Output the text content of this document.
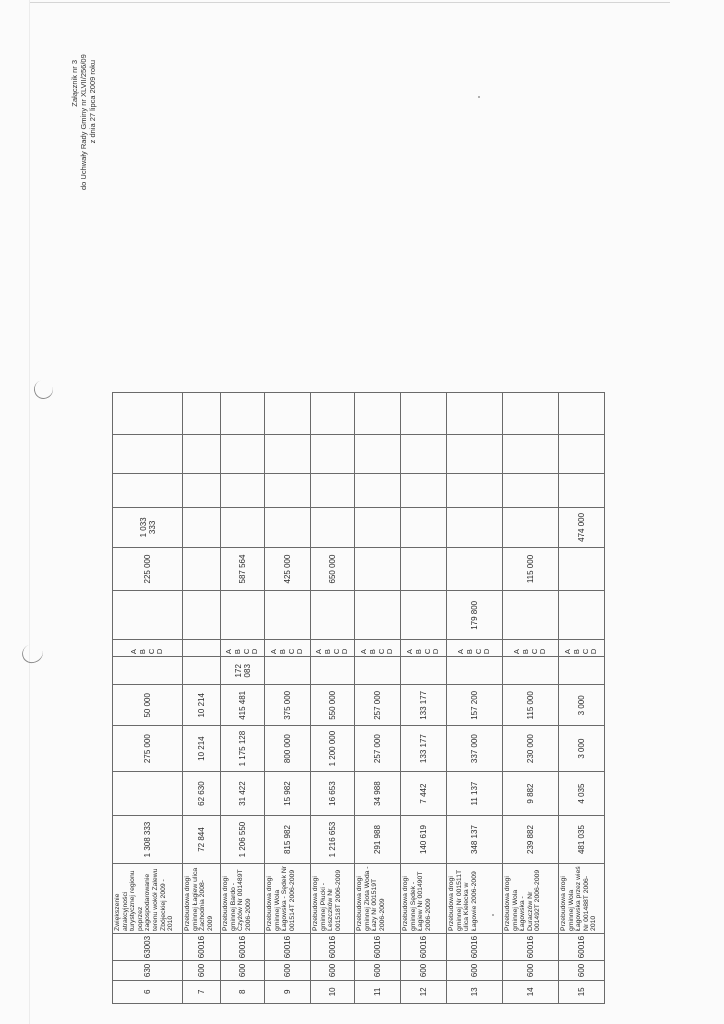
Załącznik nr 3 do Uchwały Rady Gminy nr XLVII/256/09 z dnia 27 lipca 2009 roku
6	630	63003	Zwiększenie atrakcyjności turystycznej regionu poprzez zagospodarowanie terenu wokół Zalewu Zbójeckiej 2009 - 2010	1 308 333		275 000	50 000		A B C D		225 000	1 033 333			
7	600	60016	Przebudowa drogi gminnej Łagiew ulica Zachodnia 2008-2009	72 844	62 630	10 214	10 214								
8	600	60016	Przebudowa drogi gminnej Bardo - Czyżów Nr 001489T 2006-2009	1 206 550	31 422	1 175 128	415 481	172 083	A B C D		587 564				
9	600	60016	Przebudowa drogi gminnej Wola Łagowska - Sędek Nr 001514T 2006-2009	815 982	15 982	800 000	375 000		A B C D		425 000				
10	600	60016	Przebudowa drogi gminnej Płucki - Leszczków Nr 001518T 2006-2009	1 216 653	16 653	1 200 000	550 000		A B C D		650 000				
11	600	60016	Przebudowa drogi gminnej Złota Woda - Łazy Nr 001519T 2006-2009	291 988	34 988	257 000	257 000		A B C D						

12	600	60016	Przebudowa drogi gminnej Sędek - Łagiew Nr 001490T 2006-2009	140 619	7 442	133 177	133 177		A B C D						

13	600	60016	Przebudowa drogi gminnej Nr 001511T ulica Kielecka w Łagowie 2006-2009	348 137	11 137	337 000	157 200		A B C D	179 800					
14	600	60016	Przebudowa drogi gminnej Wola Łagowska - Duraczów Nr 001492T 2006-2009	239 882	9 882	230 000	115 000		A B C D		115 000				
15	600	60016	Przebudowa drogi gminnej Wola Łagowska przez wieś Nr 001488T 2006-2010	481 035	4 035	3 000	3 000		A B C D			474 000			
